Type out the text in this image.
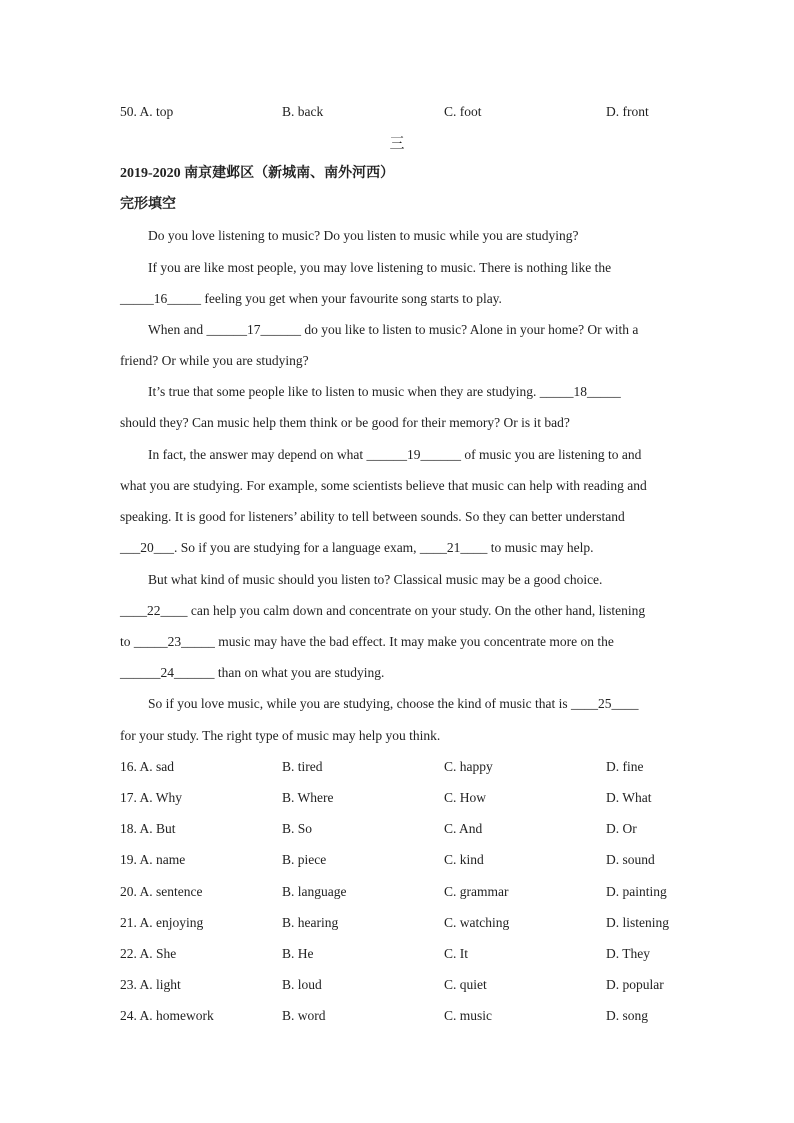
50. A. top	B. back	C. foot	D. front
三
2019-2020 南京建邺区（新城南、南外河西）
完形填空
Do you love listening to music? Do you listen to music while you are studying?
If you are like most people, you may love listening to music. There is nothing like the
_____16_____ feeling you get when your favourite song starts to play.
When and ______17______ do you like to listen to music? Alone in your home? Or with a
friend? Or while you are studying?
It’s true that some people like to listen to music when they are studying. _____18_____
should they? Can music help them think or be good for their memory? Or is it bad?
In fact, the answer may depend on what ______19______ of music you are listening to and
what you are studying. For example, some scientists believe that music can help with reading and
speaking. It is good for listeners’ ability to tell between sounds. So they can better understand
___20___. So if you are studying for a language exam, ____21____ to music may help.
But what kind of music should you listen to? Classical music may be a good choice.
____22____ can help you calm down and concentrate on your study. On the other hand, listening
to _____23_____ music may have the bad effect. It may make you concentrate more on the
______24______ than on what you are studying.
So if you love music, while you are studying, choose the kind of music that is ____25____
for your study. The right type of music may help you think.
16. A. sad	B. tired	C. happy	D. fine
17. A. Why	B. Where	C. How	D. What
18. A. But	B. So	C. And	D. Or
19. A. name	B. piece	C. kind	D. sound
20. A. sentence	B. language	C. grammar	D. painting
21. A. enjoying	B. hearing	C. watching	D. listening
22. A. She	B. He	C. It	D. They
23. A. light	B. loud	C. quiet	D. popular
24. A. homework	B. word	C. music	D. song
